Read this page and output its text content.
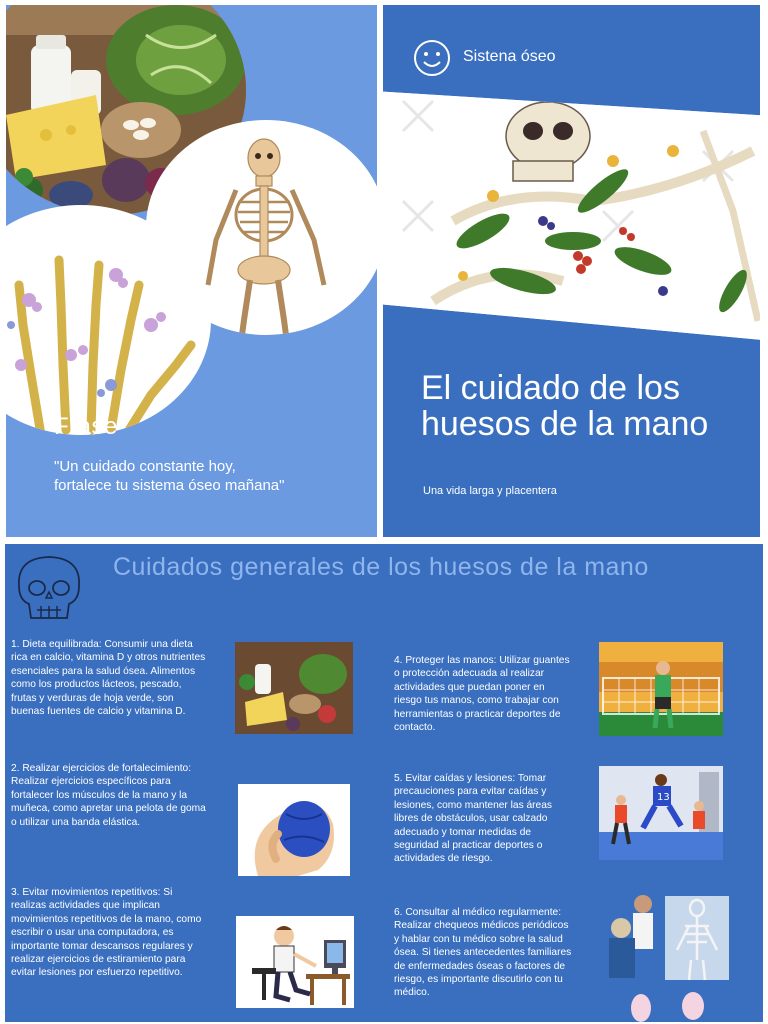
Frase
"Un cuidado constante hoy, fortalece tu sistema óseo mañana"
Sistena óseo
El cuidado de los huesos de la mano
Una vida larga y placentera
Cuidados generales de los huesos de la mano
1. Dieta equilibrada: Consumir una dieta rica en calcio, vitamina D y otros nutrientes esenciales para la salud ósea. Alimentos como los productos lácteos, pescado, frutas y verduras de hoja verde, son buenas fuentes de calcio y vitamina D.
2. Realizar ejercicios de fortalecimiento: Realizar ejercicios específicos para fortalecer los músculos de la mano y la muñeca, como apretar una pelota de goma o utilizar una banda elástica.
3. Evitar movimientos repetitivos: Si realizas actividades que implican movimientos repetitivos de la mano, como escribir o usar una computadora, es importante tomar descansos regulares y realizar ejercicios de estiramiento para evitar lesiones por esfuerzo repetitivo.
4. Proteger las manos: Utilizar guantes o protección adecuada al realizar actividades que puedan poner en riesgo tus manos, como trabajar con herramientas o practicar deportes de contacto.
5. Evitar caídas y lesiones: Tomar precauciones para evitar caídas y lesiones, como mantener las áreas libres de obstáculos, usar calzado adecuado y tomar medidas de seguridad al practicar deportes o actividades de riesgo.
6. Consultar al médico regularmente: Realizar chequeos médicos periódicos y hablar con tu médico sobre la salud ósea. Si tienes antecedentes familiares de enfermedades óseas o factores de riesgo, es importante discutirlo con tu médico.
13
